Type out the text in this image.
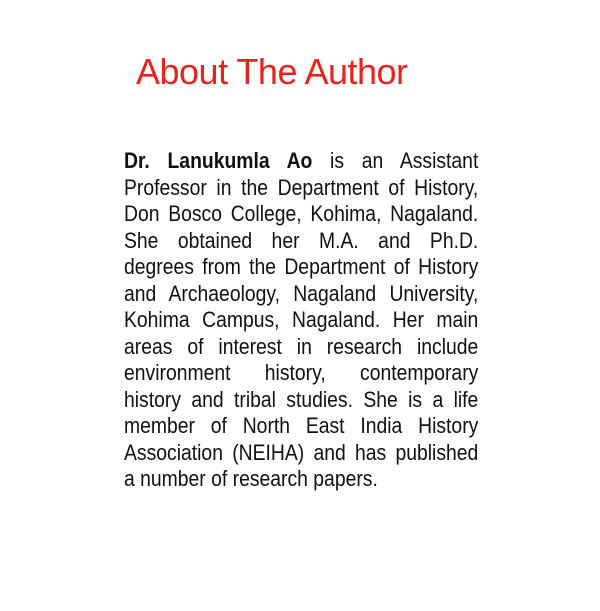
About The Author

Dr. Lanukumla Ao is an Assistant Professor in the Department of History, Don Bosco College, Kohima, Nagaland. She obtained her M.A. and Ph.D. degrees from the Department of History and Archaeology, Nagaland University, Kohima Campus, Nagaland. Her main areas of interest in research include environment history, contemporary history and tribal studies. She is a life member of North East India History Association (NEIHA) and has published a number of research papers.
